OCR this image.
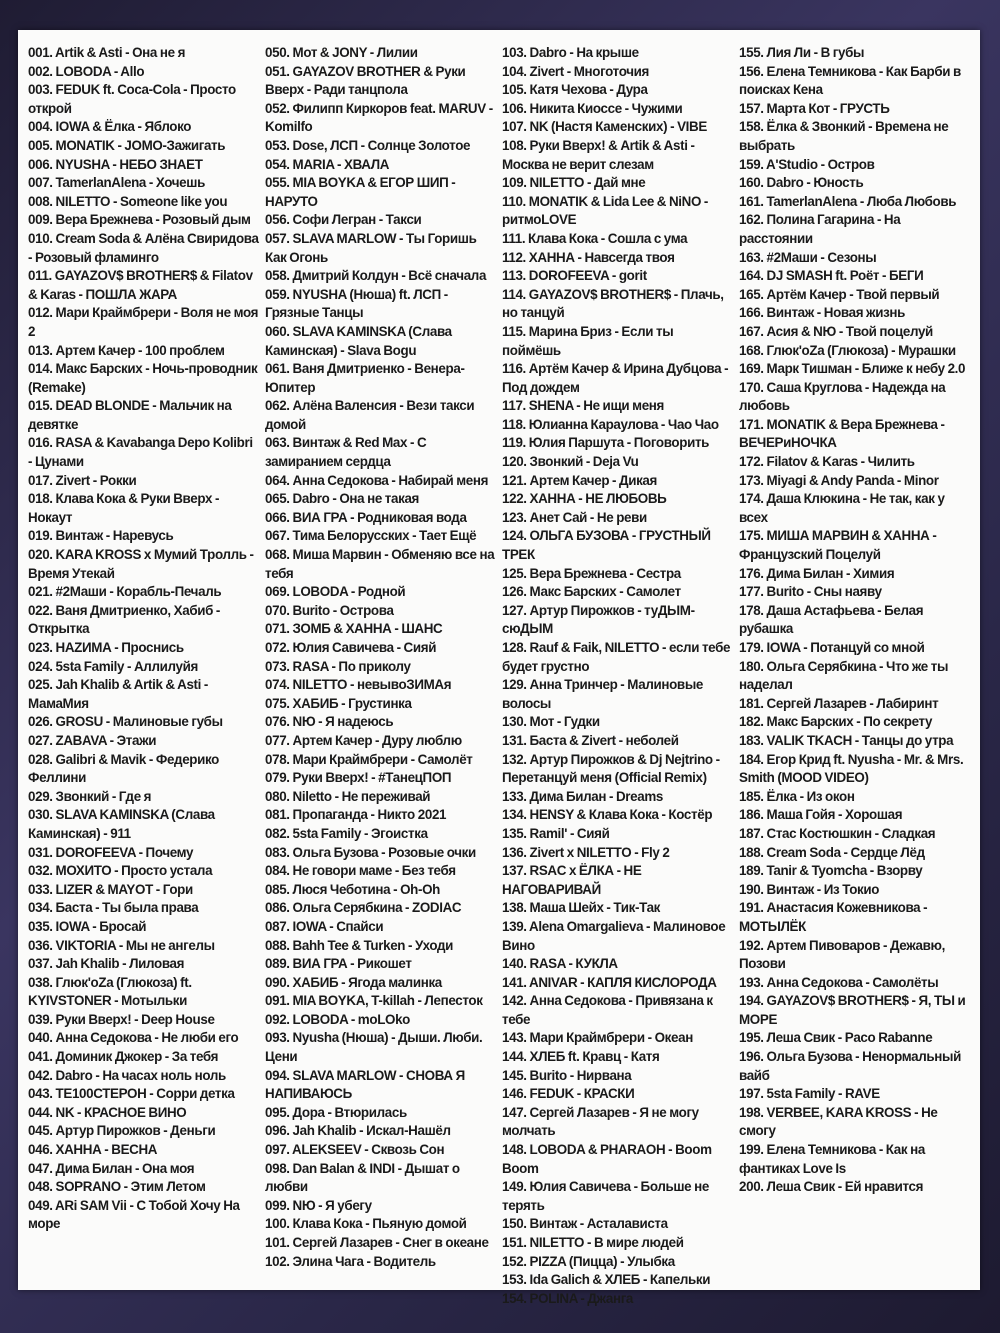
001. Artik & Asti - Она не я

002. LOBODA - Allo

003. FEDUK ft. Coca-Cola - Просто открой

004. IOWA & Ёлка - Яблоко

005. MONATIK - JOMO-Зажигать

006. NYUSHA - НЕБО ЗНАЕТ

007. TamerlanAlena - Хочешь

008. NILETTO - Someone like you

009. Вера Брежнева - Розовый дым

010. Cream Soda & Алёна Свиридова - Розовый фламинго

011. GAYAZOV$ BROTHER$ & Filatov & Karas - ПОШЛА ЖАРА

012. Мари Краймбрери - Воля не моя 2

013. Артем Качер - 100 проблем

014. Макс Барских - Ночь-проводник (Remake)

015. DEAD BLONDE - Мальчик на девятке

016. RASA & Kavabanga Depo Kolibri - Цунами

017. Zivert - Рокки

018. Клава Кока & Руки Вверх - Нокаут

019. Винтаж - Наревусь

020. KARA KROSS x Мумий Тролль - Время Утекай

021. #2Маши - Корабль-Печаль

022. Ваня Дмитриенко, Хабиб - Открытка

023. HAZИМА - Проснись

024. 5sta Family - Аллилуйя

025. Jah Khalib & Artik & Asti - МамаМия

026. GROSU - Малиновые губы

027. ZABAVA - Этажи

028. Galibri & Mavik - Федерико Феллини

029. Звонкий - Где я

030. SLAVA KAMINSKA (Слава Каминская) - 911

031. DOROFEEVA - Почему

032. МОХИТО - Просто устала

033. LIZER & MAYOT - Гори

034. Баста - Ты была права

035. IOWA - Бросай

036. VIKTORIA - Мы не ангелы

037. Jah Khalib - Лиловая

038. Глюк'oZa (Глюкоза) ft. KYIVSTONER - Мотыльки

039. Руки Вверх! - Deep House

040. Анна Седокова - Не люби его

041. Доминик Джокер - За тебя

042. Dabro - На часах ноль ноль

043. ТЕ100СТЕРОН - Сорри детка

044. NK - КРАСНОЕ ВИНО

045. Артур Пирожков - Деньги

046. ХАННА - ВЕСНА

047. Дима Билан - Она моя

048. SOPRANO - Этим Летом

049. ARi SAM Vii - С Тобой Хочу На море

050. Мот & JONY - Лилии

051. GAYAZOV BROTHER & Руки Вверх - Ради танцпола

052. Филипп Киркоров feat. MARUV - Komilfo

053. Dose, ЛСП - Солнце Золотое

054. MARIA - ХВАЛА

055. MIA BOYKA & ЕГОР ШИП - НАРУТО

056. Софи Легран - Такси

057. SLAVA MARLOW - Ты Горишь Как Огонь

058. Дмитрий Колдун - Всё сначала

059. NYUSHA (Нюша) ft. ЛСП - Грязные Танцы

060. SLAVA KAMINSKA (Слава Каминская) - Slava Bogu

061. Ваня Дмитриенко - Венера-Юпитер

062. Алёна Валенсия - Вези такси домой

063. Винтаж & Red Max - С замиранием сердца

064. Анна Седокова - Набирай меня

065. Dabro - Она не такая

066. ВИА ГРА - Родниковая вода

067. Тима Белорусских - Тает Ещё

068. Миша Марвин - Обменяю все на тебя

069. LOBODA - Родной

070. Burito - Острова

071. ЗОМБ & ХАННА - ШАНС

072. Юлия Савичева - Сияй

073. RASA - По приколу

074. NILETTO - невывоЗИМАя

075. ХАБИБ - Грустинка

076. NЮ - Я надеюсь

077. Артем Качер - Дуру люблю

078. Мари Краймбрери - Самолёт

079. Руки Вверх! - #ТанецПОП

080. Niletto - Не переживай

081. Пропаганда - Никто 2021

082. 5sta Family - Эгоистка

083. Ольга Бузова - Розовые очки

084. Не говори маме - Без тебя

085. Люся Чеботина - Oh-Oh

086. Ольга Серябкина - ZODIAC

087. IOWA - Спайси

088. Bahh Tee & Turken - Уходи

089. ВИА ГРА - Рикошет

090. ХАБИБ - Ягода малинка

091. MIA BOYKA, T-killah - Лепесток

092. LOBODA - moLOko

093. Nyusha (Нюша) - Дыши. Люби. Цени

094. SLAVA MARLOW - СНОВА Я НАПИВАЮСЬ

095. Дора - Втюрилась

096. Jah Khalib - Искал-Нашёл

097. ALEKSEEV - Сквозь Сон

098. Dan Balan & INDI - Дышат о любви

099. NЮ - Я убегу

100. Клава Кока - Пьяную домой

101. Сергей Лазарев - Снег в океане

102. Элина Чага - Водитель

103. Dabro - На крыше

104. Zivert - Многоточия

105. Катя Чехова - Дура

106. Никита Киоссе - Чужими

107. NK (Настя Каменских) - VIBE

108. Руки Вверх! & Artik & Asti - Москва не верит слезам

109. NILETTO - Дай мне

110. MONATIK & Lida Lee & NiNO - ритмоLOVE

111. Клава Кока - Сошла с ума

112. ХАННА - Навсегда твоя

113. DOROFEEVA - gorit

114. GAYAZOV$ BROTHER$ - Плачь, но танцуй

115. Марина Бриз - Если ты поймёшь

116. Артём Качер & Ирина Дубцова - Под дождем

117. SHENA - Не ищи меня

118. Юлианна Караулова - Чао Чао

119. Юлия Паршута - Поговорить

120. Звонкий - Deja Vu

121. Артем Качер - Дикая

122. ХАННА - НЕ ЛЮБОВЬ

123. Анет Сай - Не реви

124. ОЛЬГА БУЗОВА - ГРУСТНЫЙ ТРЕК

125. Вера Брежнева - Сестра

126. Макс Барских - Самолет

127. Артур Пирожков - туДЫМ-сюДЫМ

128. Rauf & Faik, NILETTO - если тебе будет грустно

129. Анна Тринчер - Малиновые волосы

130. Мот - Гудки

131. Баста & Zivert - неболей

132. Артур Пирожков & Dj Nejtrino - Перетанцуй меня (Official Remix)

133. Дима Билан - Dreams

134. HENSY & Клава Кока - Костёр

135. Ramil' - Сияй

136. Zivert x NILETTO - Fly 2

137. RSAC x ЁЛКА - НЕ НАГОВАРИВАЙ

138. Маша Шейх - Тик-Так

139. Alena Omargalieva - Малиновое Вино

140. RASA - КУКЛА

141. ANIVAR - КАПЛЯ КИСЛОРОДА

142. Анна Седокова - Привязана к тебе

143. Мари Краймбрери - Океан

144. ХЛЕБ ft. Кравц - Катя

145. Burito - Нирвана

146. FEDUK - КРАСКИ

147. Сергей Лазарев - Я не могу молчать

148. LOBODA & PHARAOH - Boom Boom

149. Юлия Савичева - Больше не терять

150. Винтаж - Асталависта

151. NILETTO - В мире людей

152. PIZZA (Пицца) - Улыбка

153. Ida Galich & ХЛЕБ - Капельки

154. POLINA - Джанга

155. Лия Ли - В губы

156. Елена Темникова - Как Барби в поисках Кена

157. Марта Кот - ГРУСТЬ

158. Ёлка & Звонкий - Времена не выбрать

159. A'Studio - Остров

160. Dabro - Юность

161. TamerlanAlena - Люба Любовь

162. Полина Гагарина - На расстоянии

163. #2Маши - Сезоны

164. DJ SMASH ft. Роёт - БЕГИ

165. Артём Качер - Твой первый

166. Винтаж - Новая жизнь

167. Асия & NЮ - Твой поцелуй

168. Глюк'oZa (Глюкоза) - Мурашки

169. Марк Тишман - Ближе к небу 2.0

170. Саша Круглова - Надежда на любовь

171. MONATIK & Вера Брежнева - ВЕЧЕРиНОЧКА

172. Filatov & Karas - Чилить

173. Miyagi & Andy Panda - Minor

174. Даша Клюкина - Не так, как у всех

175. МИША МАРВИН & ХАННА - Французский Поцелуй

176. Дима Билан - Химия

177. Burito - Сны наяву

178. Даша Астафьева - Белая рубашка

179. IOWA - Потанцуй со мной

180. Ольга Серябкина - Что же ты наделал

181. Сергей Лазарев - Лабиринт

182. Макс Барских - По секрету

183. VALIK TKACH - Танцы до утра

184. Егор Крид ft. Nyusha - Mr. & Mrs. Smith (MOOD VIDEO)

185. Ёлка - Из окон

186. Маша Гойя - Хорошая

187. Стас Костюшкин - Сладкая

188. Cream Soda - Сердце Лёд

189. Tanir & Tyomcha - Взорву

190. Винтаж - Из Токио

191. Анастасия Кожевникова - МОТЫЛЁК

192. Артем Пивоваров - Дежавю, Позови

193. Анна Седокова - Самолёты

194. GAYAZOV$ BROTHER$ - Я, ТЫ и МОРЕ

195. Леша Свик - Paco Rabanne

196. Ольга Бузова - Ненормальный вайб

197. 5sta Family - RAVE

198. VERBEE, KARA KROSS - Не смогу

199. Елена Темникова - Как на фантиках Love Is

200. Леша Свик - Ей нравится
